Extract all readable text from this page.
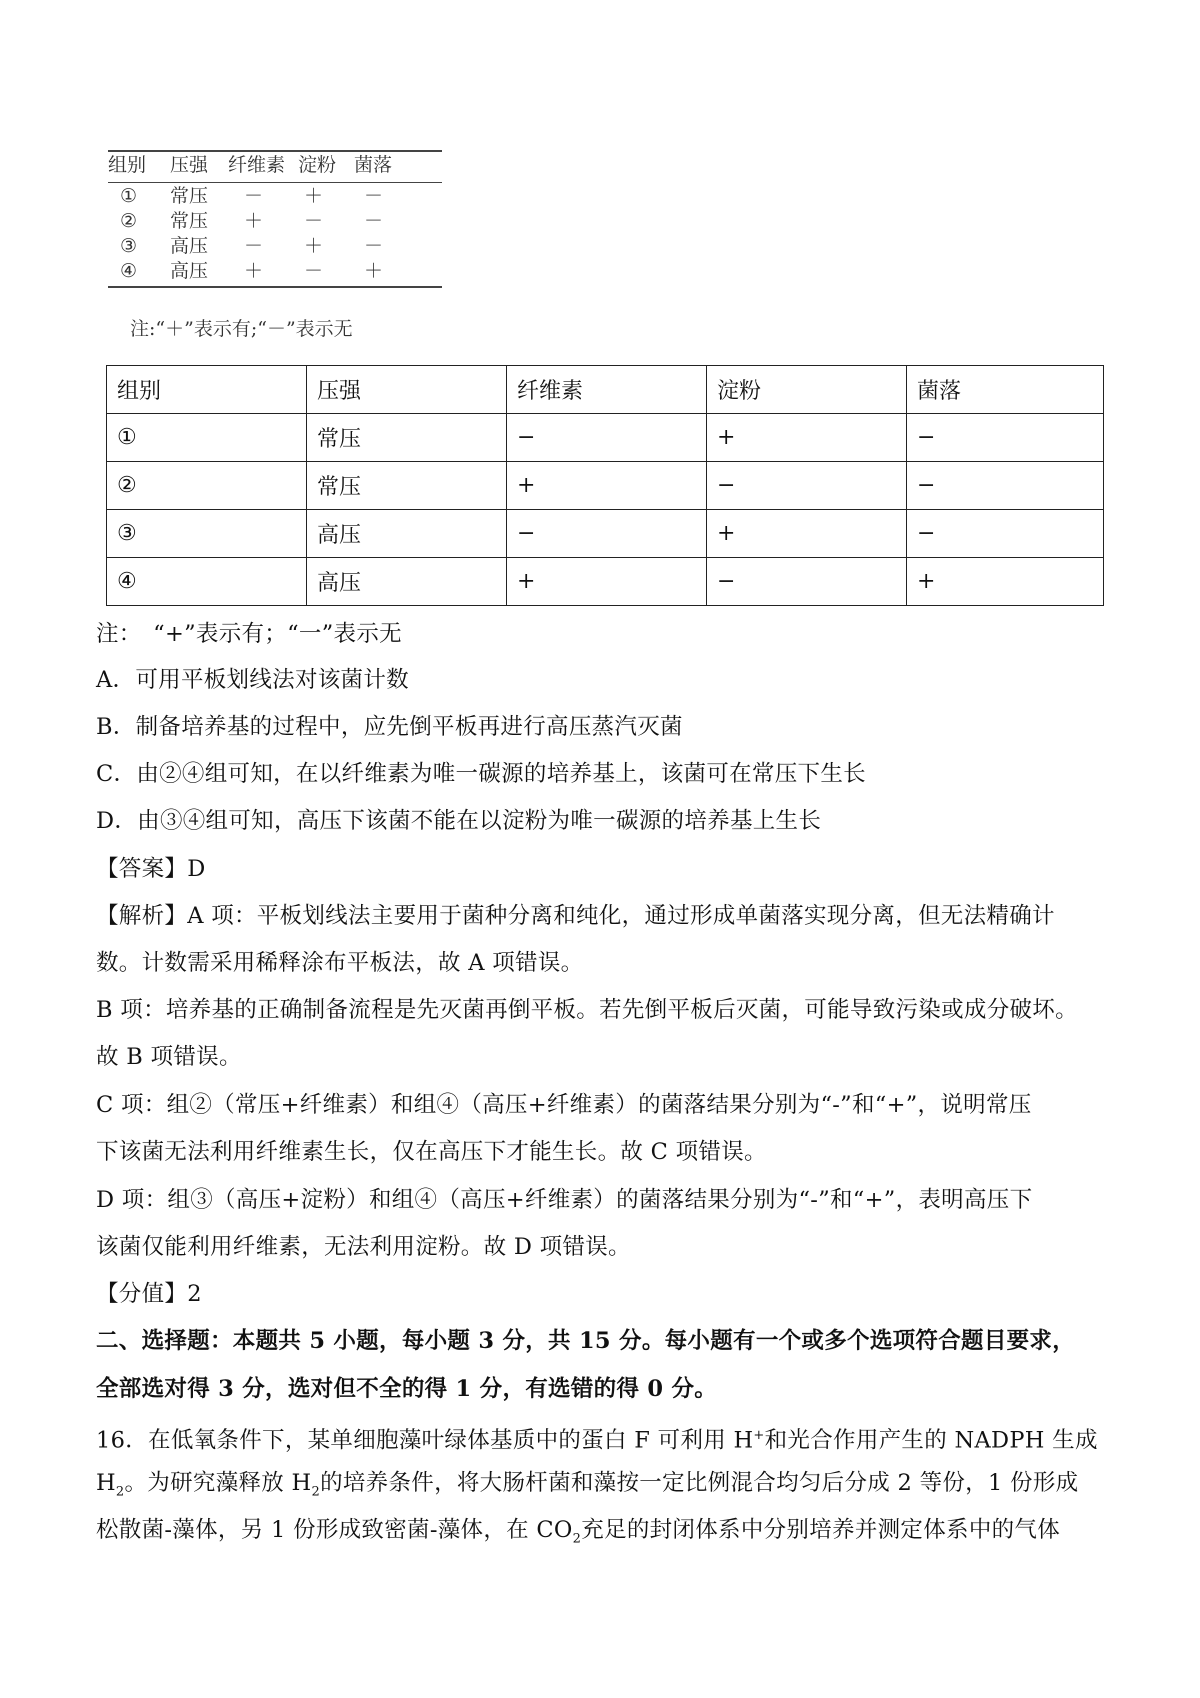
组别 压强 纤维素 淀粉 菌落
① 常压 － ＋ －
② 常压 ＋ － －
③ 高压 － ＋ －
④ 高压 ＋ － ＋
注:“＋”表示有;“－”表示无
组别	压强	纤维素	淀粉	菌落
①	常压	−	+	−
②	常压	+	−	−
③	高压	−	+	−
④	高压	+	−	+
注：　“+”表示有；“一”表示无
A．可用平板划线法对该菌计数
B．制备培养基的过程中，应先倒平板再进行高压蒸汽灭菌
C．由②④组可知，在以纤维素为唯一碳源的培养基上，该菌可在常压下生长
D．由③④组可知，高压下该菌不能在以淀粉为唯一碳源的培养基上生长
【答案】D
【解析】A 项：平板划线法主要用于菌种分离和纯化，通过形成单菌落实现分离，但无法精确计
数。计数需采用稀释涂布平板法，故 A 项错误。
B 项：培养基的正确制备流程是先灭菌再倒平板。若先倒平板后灭菌，可能导致污染或成分破坏。
故 B 项错误。
C 项：组②（常压+纤维素）和组④（高压+纤维素）的菌落结果分别为“-”和“+”，说明常压
下该菌无法利用纤维素生长，仅在高压下才能生长。故 C 项错误。
D 项：组③（高压+淀粉）和组④（高压+纤维素）的菌落结果分别为“-”和“+”，表明高压下
该菌仅能利用纤维素，无法利用淀粉。故 D 项错误。
【分值】2
二、选择题：本题共 5 小题，每小题 3 分，共 15 分。每小题有一个或多个选项符合题目要求，
全部选对得 3 分，选对但不全的得 1 分，有选错的得 0 分。
16．在低氧条件下，某单细胞藻叶绿体基质中的蛋白 F 可利用 H+和光合作用产生的 NADPH 生成
$H_2$。为研究藻释放 $H_2$的培养条件，将大肠杆菌和藻按一定比例混合均匀后分成 2 等份，1 份形成
松散菌-藻体，另 1 份形成致密菌-藻体，在 $CO_2$充足的封闭体系中分别培养并测定体系中的气体
